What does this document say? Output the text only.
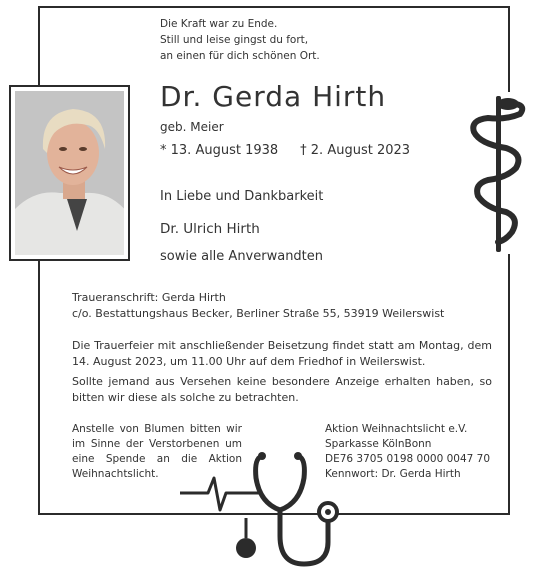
Die Kraft war zu Ende.
Still und leise gingst du fort,
an einen für dich schönen Ort.
Dr. Gerda Hirth
geb. Meier
* 13. August 1938 † 2. August 2023
In Liebe und Dankbarkeit
Dr. Ulrich Hirth
sowie alle Anverwandten
Traueranschrift: Gerda Hirth
c/o. Bestattungshaus Becker, Berliner Straße 55, 53919 Weilerswist
Die Trauerfeier mit anschließender Beisetzung findet statt am Montag, dem 14. August 2023, um 11.00 Uhr auf dem Friedhof in Weilerswist.
Sollte jemand aus Versehen keine besondere Anzeige erhalten haben, so bitten wir diese als solche zu betrachten.
Anstelle von Blumen bitten wir im Sinne der Verstorbenen um eine Spende an die Aktion Weihnachtslicht.
Aktion Weihnachtslicht e.V.
Sparkasse KölnBonn
DE76 3705 0198 0000 0047 70
Kennwort: Dr. Gerda Hirth
